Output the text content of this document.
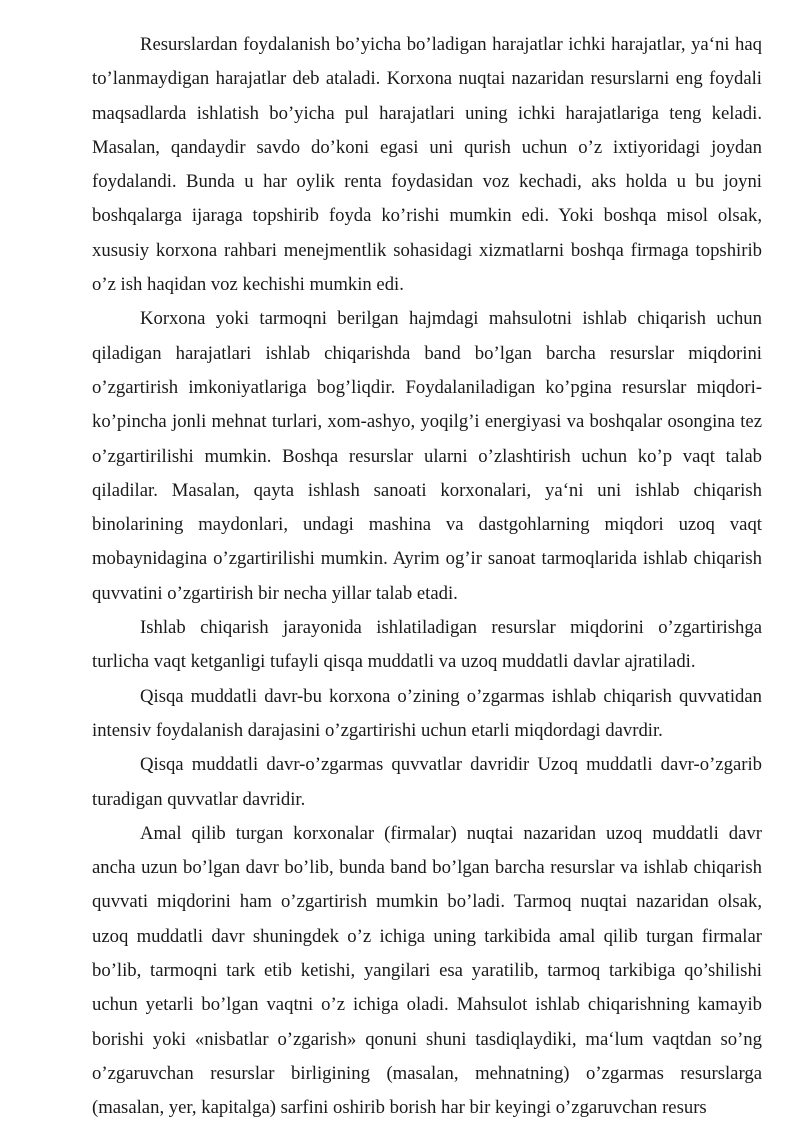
Resurslardan foydalanish bo’yicha bo’ladigan harajatlar ichki harajatlar, ya‘ni haq to’lanmaydigan harajatlar deb ataladi. Korxona nuqtai nazaridan resurslarni eng foydali maqsadlarda ishlatish bo’yicha pul harajatlari uning ichki harajatlariga teng keladi. Masalan, qandaydir savdo do’koni egasi uni qurish uchun o’z ixtiyoridagi joydan foydalandi. Bunda u har oylik renta foydasidan voz kechadi, aks holda u bu joyni boshqalarga ijaraga topshirib foyda ko’rishi mumkin edi. Yoki boshqa misol olsak, xususiy korxona rahbari menejmentlik sohasidagi xizmatlarni boshqa firmaga topshirib o’z ish haqidan voz kechishi mumkin edi.

Korxona yoki tarmoqni berilgan hajmdagi mahsulotni ishlab chiqarish uchun qiladigan harajatlari ishlab chiqarishda band bo’lgan barcha resurslar miqdorini o’zgartirish imkoniyatlariga bog’liqdir. Foydalaniladigan ko’pgina resurslar miqdori-ko’pincha jonli mehnat turlari, xom-ashyo, yoqilg’i energiyasi va boshqalar osongina tez o’zgartirilishi mumkin. Boshqa resurslar ularni o’zlashtirish uchun ko’p vaqt talab qiladilar. Masalan, qayta ishlash sanoati korxonalari, ya‘ni uni ishlab chiqarish binolarining maydonlari, undagi mashina va dastgohlarning miqdori uzoq vaqt mobaynidagina o’zgartirilishi mumkin. Ayrim og’ir sanoat tarmoqlarida ishlab chiqarish quvvatini o’zgartirish bir necha yillar talab etadi.

Ishlab chiqarish jarayonida ishlatiladigan resurslar miqdorini o’zgartirishga turlicha vaqt ketganligi tufayli qisqa muddatli va uzoq muddatli davlar ajratiladi.

Qisqa muddatli davr-bu korxona o’zining o’zgarmas ishlab chiqarish quvvatidan intensiv foydalanish darajasini o’zgartirishi uchun etarli miqdordagi davrdir.

Qisqa muddatli davr-o’zgarmas quvvatlar davridir Uzoq muddatli davr-o’zgarib turadigan quvvatlar davridir.

Amal qilib turgan korxonalar (firmalar) nuqtai nazaridan uzoq muddatli davr ancha uzun bo’lgan davr bo’lib, bunda band bo’lgan barcha resurslar va ishlab chiqarish quvvati miqdorini ham o’zgartirish mumkin bo’ladi. Tarmoq nuqtai nazaridan olsak, uzoq muddatli davr shuningdek o’z ichiga uning tarkibida amal qilib turgan firmalar bo’lib, tarmoqni tark etib ketishi, yangilari esa yaratilib, tarmoq tarkibiga qo’shilishi uchun yetarli bo’lgan vaqtni o’z ichiga oladi. Mahsulot ishlab chiqarishning kamayib borishi yoki «nisbatlar o’zgarish» qonuni shuni tasdiqlaydiki, ma‘lum vaqtdan so’ng o’zgaruvchan resurslar birligining (masalan, mehnatning) o’zgarmas resurslarga (masalan, yer, kapitalga) sarfini oshirib borish har bir keyingi o’zgaruvchan resurs
